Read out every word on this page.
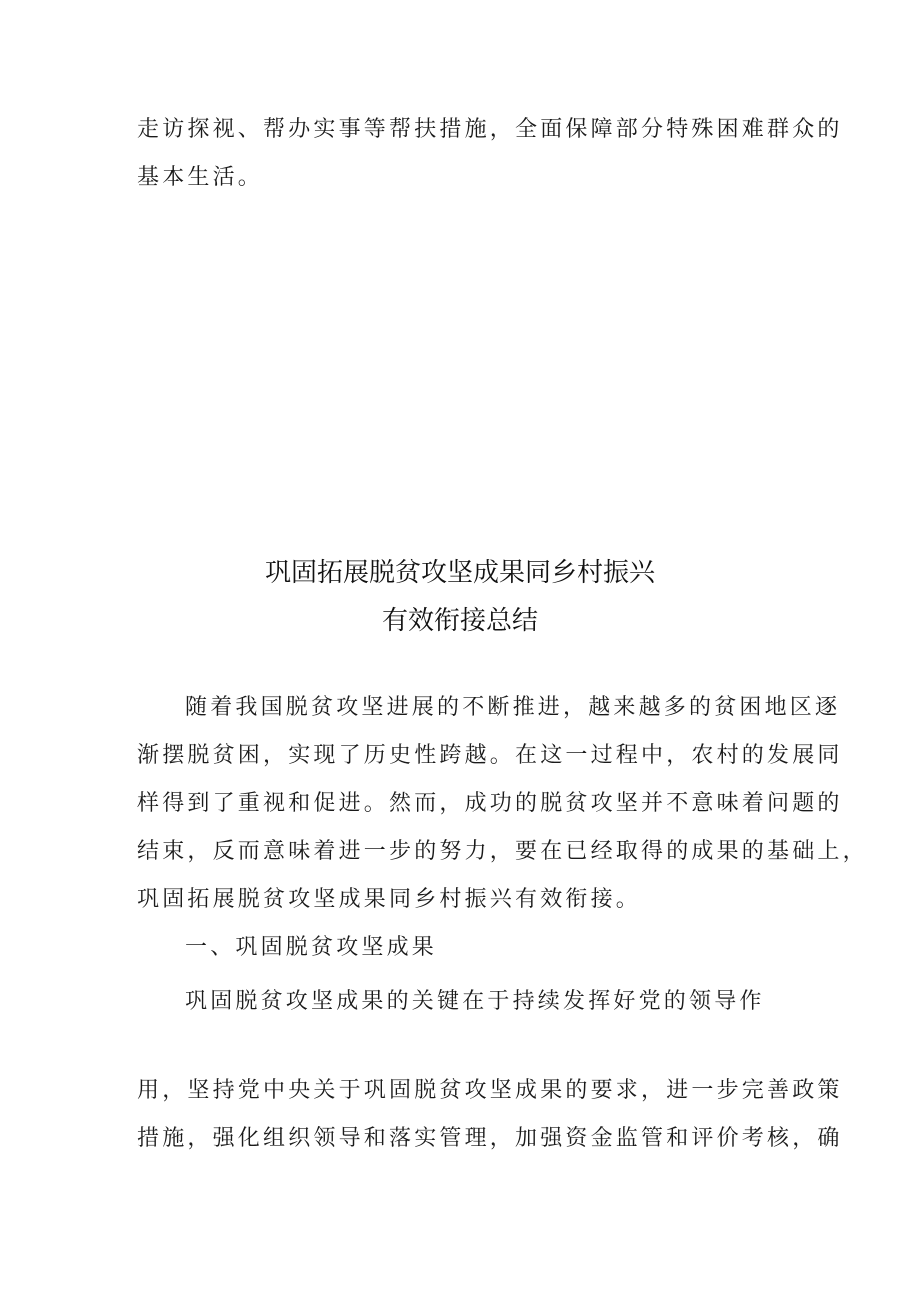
走访探视、帮办实事等帮扶措施，全面保障部分特殊困难群众的
基本生活。
巩固拓展脱贫攻坚成果同乡村振兴
有效衔接总结
随着我国脱贫攻坚进展的不断推进，越来越多的贫困地区逐
渐摆脱贫困，实现了历史性跨越。在这一过程中，农村的发展同
样得到了重视和促进。然而，成功的脱贫攻坚并不意味着问题的
结束，反而意味着进一步的努力，要在已经取得的成果的基础上，
巩固拓展脱贫攻坚成果同乡村振兴有效衔接。
一、巩固脱贫攻坚成果
巩固脱贫攻坚成果的关键在于持续发挥好党的领导作
用，坚持党中央关于巩固脱贫攻坚成果的要求，进一步完善政策
措施，强化组织领导和落实管理，加强资金监管和评价考核，确
